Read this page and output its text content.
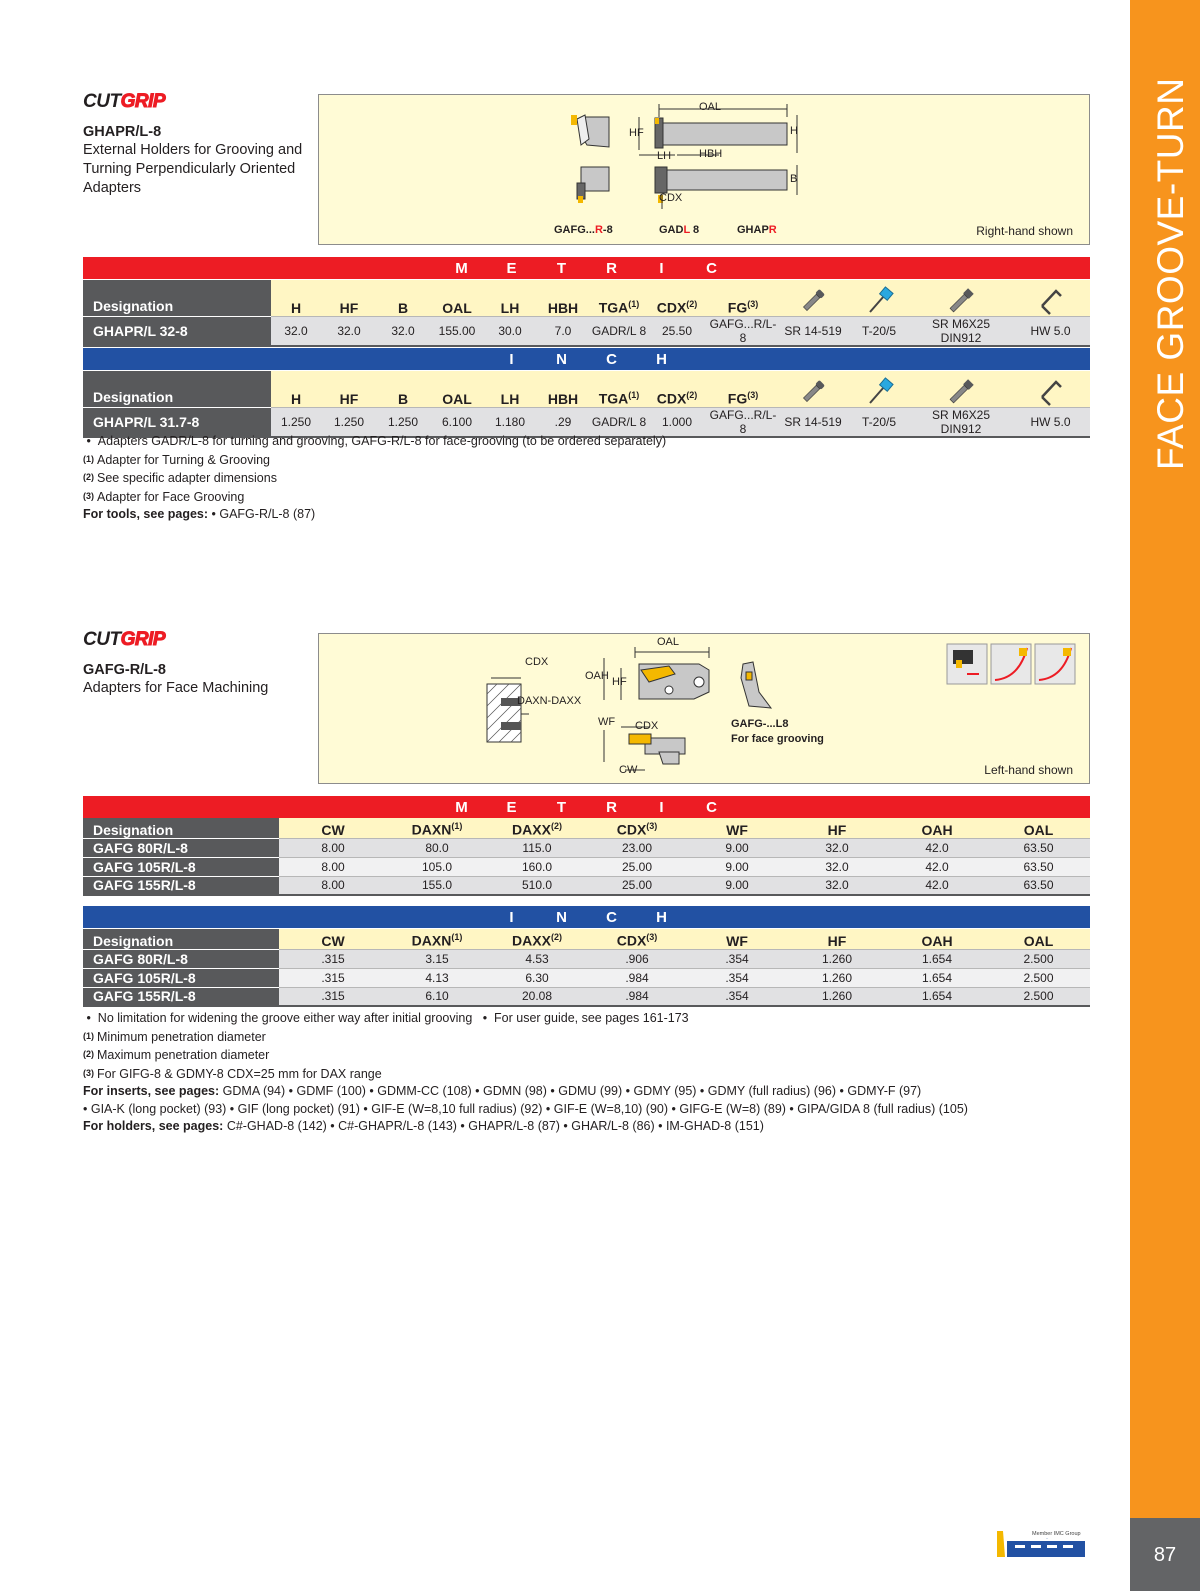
FACE GROOVE-TURN
87
CUTGRIP
GHAPR/L-8
External Holders for Grooving and Turning Perpendicularly Oriented Adapters
OAL
HF	H
LH	HBH
B
CDX
GAFG...R-8	GADL 8	GHAPR	Right-hand shown
M	E	T	R	I	C
Designation	H	HF	B	OAL	LH	HBH	TGA$^{(1)}$	CDX$^{(2)}$	FG$^{(3)}$	

GHAPR/L 32-8	32.0	32.0	32.0	155.00	30.0	7.0	GADR/L 8	25.50	GAFG...R/L-8	SR 14-519	T-20/5	SR M6X25 DIN912	HW 5.0
I	N	C	H
Designation	H	HF	B	OAL	LH	HBH	TGA$^{(1)}$	CDX$^{(2)}$	FG$^{(3)}$	

GHAPR/L 31.7-8	1.250	1.250	1.250	6.100	1.180	.29	GADR/L 8	1.000	GAFG...R/L-8	SR 14-519	T-20/5	SR M6X25 DIN912	HW 5.0
•  Adapters GADR/L-8 for turning and grooving, GAFG-R/L-8 for face-grooving (to be ordered separately)
(1) Adapter for Turning & Grooving
(2) See specific adapter dimensions
(3) Adapter for Face Grooving
For tools, see pages: • GAFG-R/L-8 (87)
CUTGRIP
GAFG-R/L-8
Adapters for Face Machining
CDX
DAXN-DAXX
OAL
OAH HF
WF CDX
CW
GAFG-...L8
For face grooving
Left-hand shown
M	E	T	R	I	C
Designation	CW	DAXN$^{(1)}$	DAXX$^{(2)}$	CDX$^{(3)}$	WF	HF	OAH	OAL
GAFG 80R/L-8	8.00	80.0	115.0	23.00	9.00	32.0	42.0	63.50
GAFG 105R/L-8	8.00	105.0	160.0	25.00	9.00	32.0	42.0	63.50
GAFG 155R/L-8	8.00	155.0	510.0	25.00	9.00	32.0	42.0	63.50
I	N	C	H
Designation	CW	DAXN$^{(1)}$	DAXX$^{(2)}$	CDX$^{(3)}$	WF	HF	OAH	OAL
GAFG 80R/L-8	.315	3.15	4.53	.906	.354	1.260	1.654	2.500
GAFG 105R/L-8	.315	4.13	6.30	.984	.354	1.260	1.654	2.500
GAFG 155R/L-8	.315	6.10	20.08	.984	.354	1.260	1.654	2.500
•  No limitation for widening the groove either way after initial grooving   •  For user guide, see pages 161-173
(1) Minimum penetration diameter
(2) Maximum penetration diameter
(3) For GIFG-8 & GDMY-8 CDX=25 mm for DAX range
For inserts, see pages: GDMA (94) • GDMF (100) • GDMM-CC (108) • GDMN (98) • GDMU (99) • GDMY (95) • GDMY (full radius) (96) • GDMY-F (97)
• GIA-K (long pocket) (93) • GIF (long pocket) (91) • GIF-E (W=8,10 full radius) (92) • GIF-E (W=8,10) (90) • GIFG-E (W=8) (89) • GIPA/GIDA 8 (full radius) (105)
For holders, see pages: C#-GHAD-8 (142) • C#-GHAPR/L-8 (143) • GHAPR/L-8 (87) • GHAR/L-8 (86) • IM-GHAD-8 (151)
Member IMC Group
iscar
